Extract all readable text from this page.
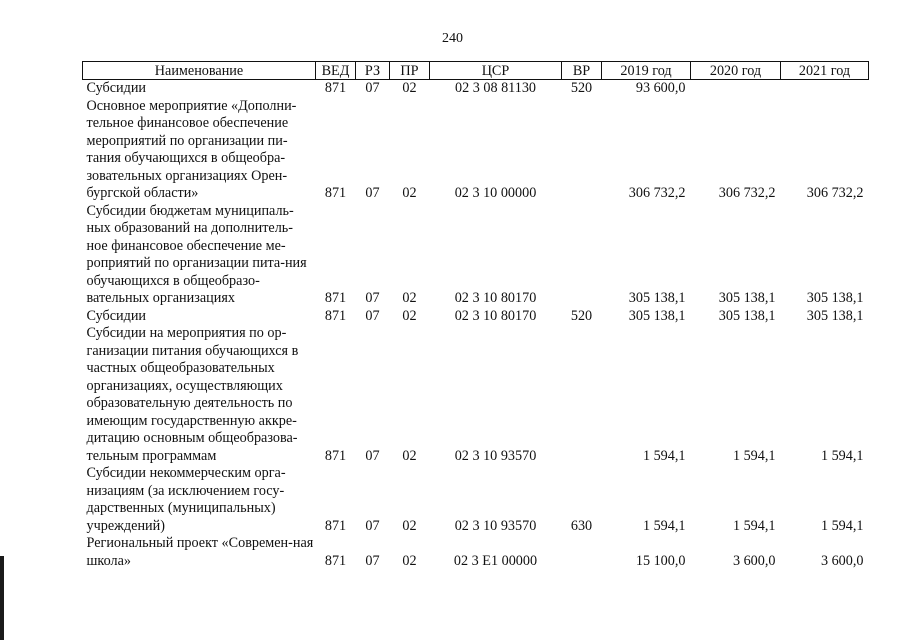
240
Наименование	ВЕД	РЗ	ПР	ЦСР	ВР	2019 год	2020 год	2021 год
Субсидии	871	07	02	02 3 08 81130	520	93 600,0		
Основное мероприятие «Дополни-тельное финансовое обеспечение мероприятий по организации пи-тания обучающихся в общеобра-зовательных организациях Орен-бургской области»	871	07	02	02 3 10 00000		306 732,2	306 732,2	306 732,2
Субсидии бюджетам муниципаль-ных образований на дополнитель-ное финансовое обеспечение ме-роприятий по организации пита-ния обучающихся в общеобразо-вательных организациях	871	07	02	02 3 10 80170		305 138,1	305 138,1	305 138,1
Субсидии	871	07	02	02 3 10 80170	520	305 138,1	305 138,1	305 138,1
Субсидии на мероприятия по ор-ганизации питания обучающихся в частных общеобразовательных организациях, осуществляющих образовательную деятельность по имеющим государственную аккре-дитацию основным общеобразова-тельным программам	871	07	02	02 3 10 93570		1 594,1	1 594,1	1 594,1
Субсидии некоммерческим орга-низациям (за исключением госу-дарственных (муниципальных) учреждений)	871	07	02	02 3 10 93570	630	1 594,1	1 594,1	1 594,1
Региональный проект «Современ-ная школа»	871	07	02	02 3 E1 00000		15 100,0	3 600,0	3 600,0
